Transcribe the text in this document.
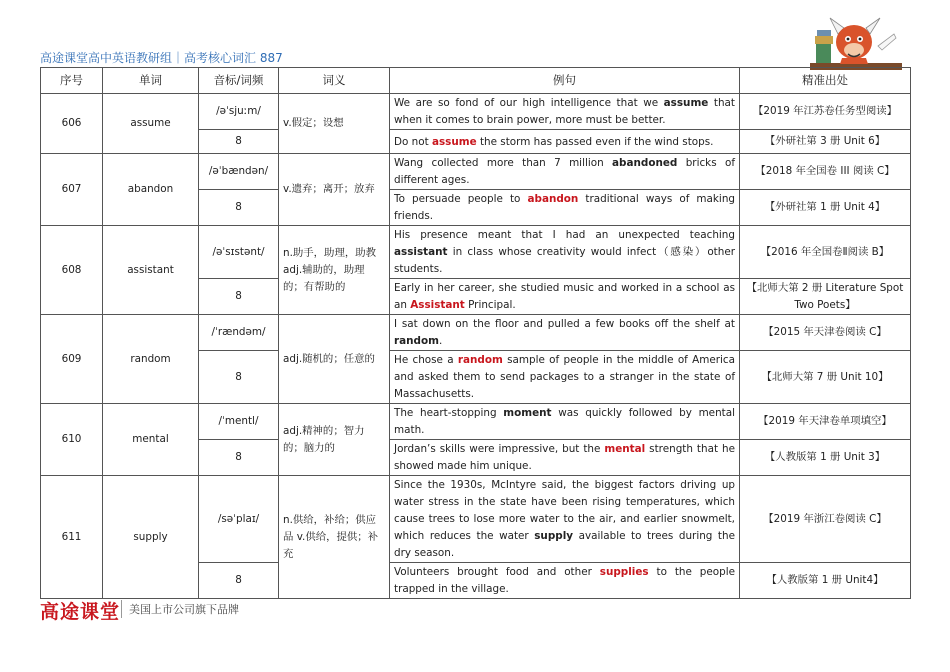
高途课堂高中英语教研组｜高考核心词汇 887
序号	单词	音标/词频	词义	例句	精准出处
606	assume	/əˈsjuːm/	v.假定；设想	We are so fond of our high intelligence that we assume that when it comes to brain power, more must be better.	【2019 年江苏卷任务型阅读】
		8		Do not assume the storm has passed even if the wind stops.	【外研社第 3 册 Unit 6】
607	abandon	/əˈbændən/	v.遗弃；离开；放弃	Wang collected more than 7 million abandoned bricks of different ages.	【2018 年全国卷 III 阅读 C】
		8		To persuade people to abandon traditional ways of making friends.	【外研社第 1 册 Unit 4】
608	assistant	/əˈsɪstənt/	n.助手，助理，助教 adj.辅助的，助理的；有帮助的	His presence meant that I had an unexpected teaching assistant in class whose creativity would infect（感染）other students.	【2016 年全国卷Ⅱ阅读 B】
		8		Early in her career, she studied music and worked in a school as an Assistant Principal.	【北师大第 2 册 Literature Spot Two Poets】
609	random	/ˈrændəm/	adj.随机的；任意的	I sat down on the floor and pulled a few books off the shelf at random.	【2015 年天津卷阅读 C】
		8		He chose a random sample of people in the middle of America and asked them to send packages to a stranger in the state of Massachusetts.	【北师大第 7 册 Unit 10】
610	mental	/ˈmentl/	adj.精神的；智力的；脑力的	The heart-stopping moment was quickly followed by mental math.	【2019 年天津卷单项填空】
		8		Jordan’s skills were impressive, but the mental strength that he showed made him unique.	【人教版第 1 册 Unit 3】
611	supply	/səˈplaɪ/	n.供给，补给；供应品 v.供给，提供；补充	Since the 1930s, McIntyre said, the biggest factors driving up water stress in the state have been rising temperatures, which cause trees to lose more water to the air, and earlier snowmelt, which reduces the water supply available to trees during the dry season.	【2019 年浙江卷阅读 C】
		8		Volunteers brought food and other supplies to the people trapped in the village.	【人教版第 1 册 Unit4】
高途课堂 美国上市公司旗下品牌
